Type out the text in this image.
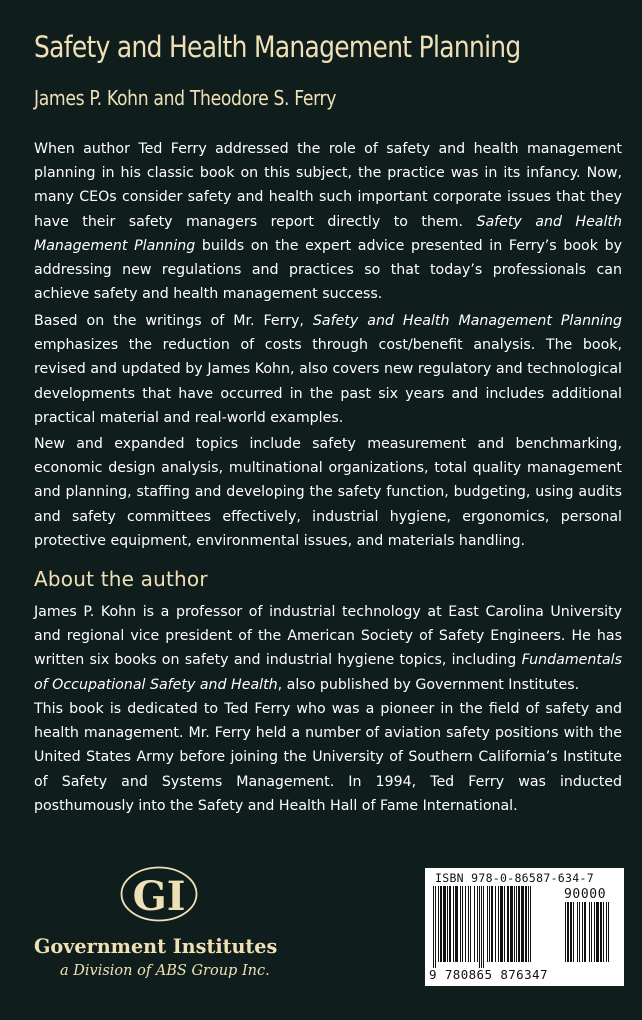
Safety and Health Management Planning
James P. Kohn and Theodore S. Ferry

When author Ted Ferry addressed the role of safety and health management planning in his classic book on this subject, the practice was in its infancy. Now, many CEOs consider safety and health such important corporate issues that they have their safety managers report directly to them. Safety and Health Management Planning builds on the expert advice presented in Ferry’s book by addressing new regulations and practices so that today’s professionals can achieve safety and health management success.

Based on the writings of Mr. Ferry, Safety and Health Management Planning emphasizes the reduction of costs through cost/benefit analysis. The book, revised and updated by James Kohn, also covers new regulatory and technological developments that have occurred in the past six years and includes additional practical material and real-world examples.

New and expanded topics include safety measurement and benchmarking, economic design analysis, multinational organizations, total quality management and planning, staffing and developing the safety function, budgeting, using audits and safety committees effectively, industrial hygiene, ergonomics, personal protective equipment, environmental issues, and materials handling.

About the author

James P. Kohn is a professor of industrial technology at East Carolina University and regional vice president of the American Society of Safety Engineers. He has written six books on safety and industrial hygiene topics, including Fundamentals of Occupational Safety and Health, also published by Government Institutes.

This book is dedicated to Ted Ferry who was a pioneer in the field of safety and health management. Mr. Ferry held a number of aviation safety positions with the United States Army before joining the University of Southern California’s Institute of Safety and Systems Management. In 1994, Ted Ferry was inducted posthumously into the Safety and Health Hall of Fame International.

GI
Government Institutes
a Division of ABS Group Inc.
ISBN 978-0-86587-634-7
90000
9 780865 876347
